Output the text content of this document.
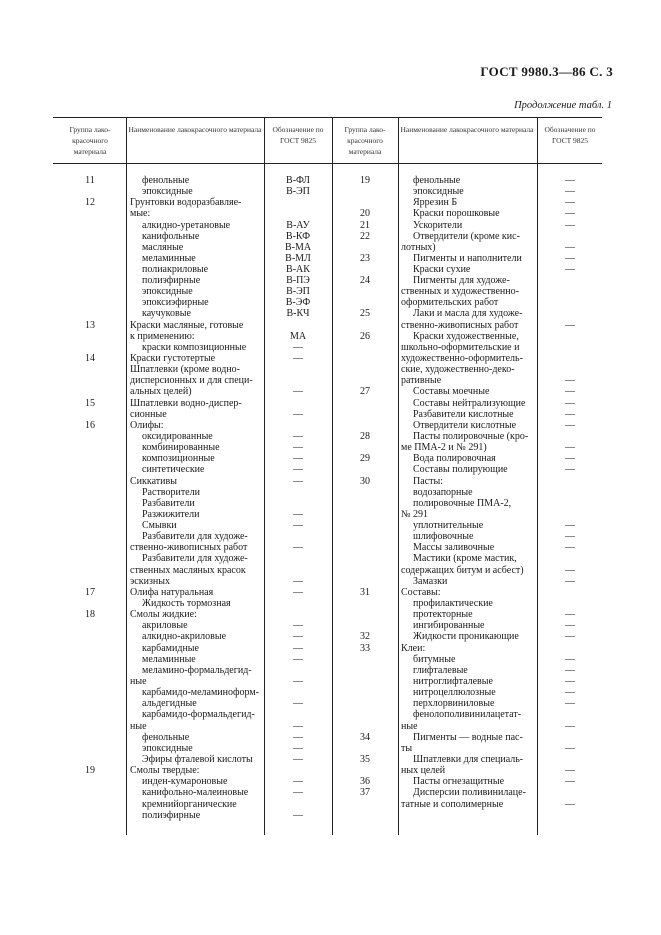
ГОСТ 9980.3—86 С. 3
Продолжение табл. 1
Группа лако-красочного материала
Наименование лакокрасочного материала	Обозначение по ГОСТ 9825
Группа лако-красочного материала
Наименование лакокрасочного материала	Обозначение по ГОСТ 9825
11	фенольные	В-ФЛ
эпоксидные	В-ЭП
12	Грунтовки водоразбавляе-
мые:
алкидно-уретановые	В-АУ
канифольные	В-КФ
масляные	В-МА
меламинные	В-МЛ
полиакриловые	В-АК
полиэфирные	В-ПЭ
эпоксидные	В-ЭП
эпоксиэфирные	В-ЭФ
каучуковые	В-КЧ
13	Краски масляные, готовые
к применению:	МА
краски композиционные	—
14	Краски густотертые	—
Шпатлевки (кроме водно-
дисперсионных и для специ-
альных целей)	—
15	Шпатлевки водно-диспер-
сионные	—
16	Олифы:
оксидированные	—
комбинированные	—
композиционные	—
синтетические	—
Сиккативы	—
Растворители
Разбавители
Разжижители	—
Смывки	—
Разбавители для художе-
ственно-живописных работ	—
Разбавители для художе-
ственных масляных красок
эскизных	—
17	Олифа натуральная	—
Жидкость тормозная
18	Смолы жидкие:
акриловые	—
алкидно-акриловые	—
карбамидные	—
меламинные	—
меламино-формальдегид-
ные	—
карбамидо-меламиноформ-
альдегидные	—
карбамидо-формальдегид-
ные	—
фенольные	—
эпоксидные	—
Эфиры фталевой кислоты	—
19	Смолы твердые:
инден-кумароновые	—
канифольно-малеиновые	—
кремнийорганические
полиэфирные	—
19	фенольные	—
эпоксидные	—
Яррезин Б	—
20	Краски порошковые	—
21	Ускорители	—
22	Отвердители (кроме кис-
лотных)	—
23	Пигменты и наполнители	—
Краски сухие	—
24	Пигменты для художе-
ственных и художественно-
оформительских работ
25	Лаки и масла для художе-
ственно-живописных работ	—
26	Краски художественные,
школьно-оформительские и
художественно-оформитель-
ские, художественно-деко-
ративные	—
27	Составы моечные	—
Составы нейтрализующие	—
Разбавители кислотные	—
Отвердители кислотные	—
28	Пасты полировочные (кро-
ме ПМА-2 и № 291)	—
29	Вода полировочная	—
Составы полирующие	—
30	Пасты:
водозапорные
полировочные ПМА-2,
№ 291
уплотнительные	—
шлифовочные	—
Массы заливочные	—
Мастики (кроме мастик,
содержащих битум и асбест)	—
Замазки	—
31	Составы:
профилактические
протекторные	—
ингибированные	—
32	Жидкости проникающие	—
33	Клеи:
битумные	—
глифталевые	—
нитроглифталевые	—
нитроцеллюлозные	—
перхлорвиниловые	—
фенолополивинилацетат-
ные	—
34	Пигменты — водные пас-
ты	—
35	Шпатлевки для специаль-
ных целей	—
36	Пасты огнезащитные	—
37	Дисперсии поливинилаце-
татные и сополимерные	—
